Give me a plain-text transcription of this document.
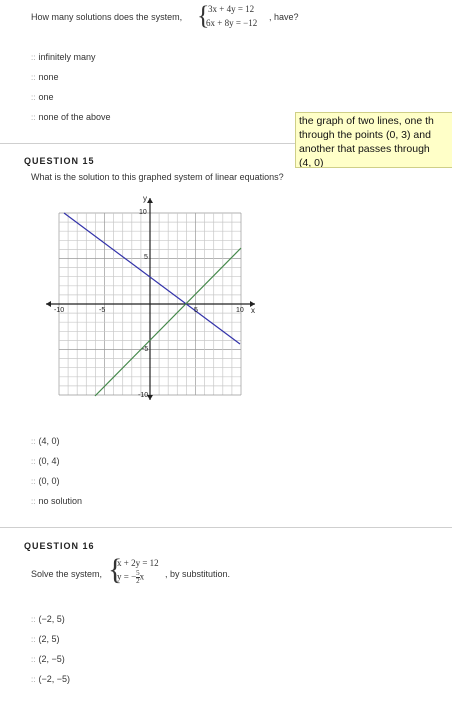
How many solutions does the system, {
3x + 4y = 12
6x + 8y = −12
, have?
:: infinitely many
:: none
:: one
:: none of the above
QUESTION 15
What is the solution to this graphed system of linear equations?
y
x
-10	-5	5	10
10
5
-5
-10
:: (4, 0)
:: (0, 4)
:: (0, 0)
:: no solution
QUESTION 16
Solve the system, {
x + 2y = 12
y = − $\frac{5}{2}$ x , by substitution.
:: (−2, 5)
:: (2, 5)
:: (2, −5)
:: (−2, −5)
the graph of two lines, one th
through the points (0, 3) and
another that passes through
(4, 0)
